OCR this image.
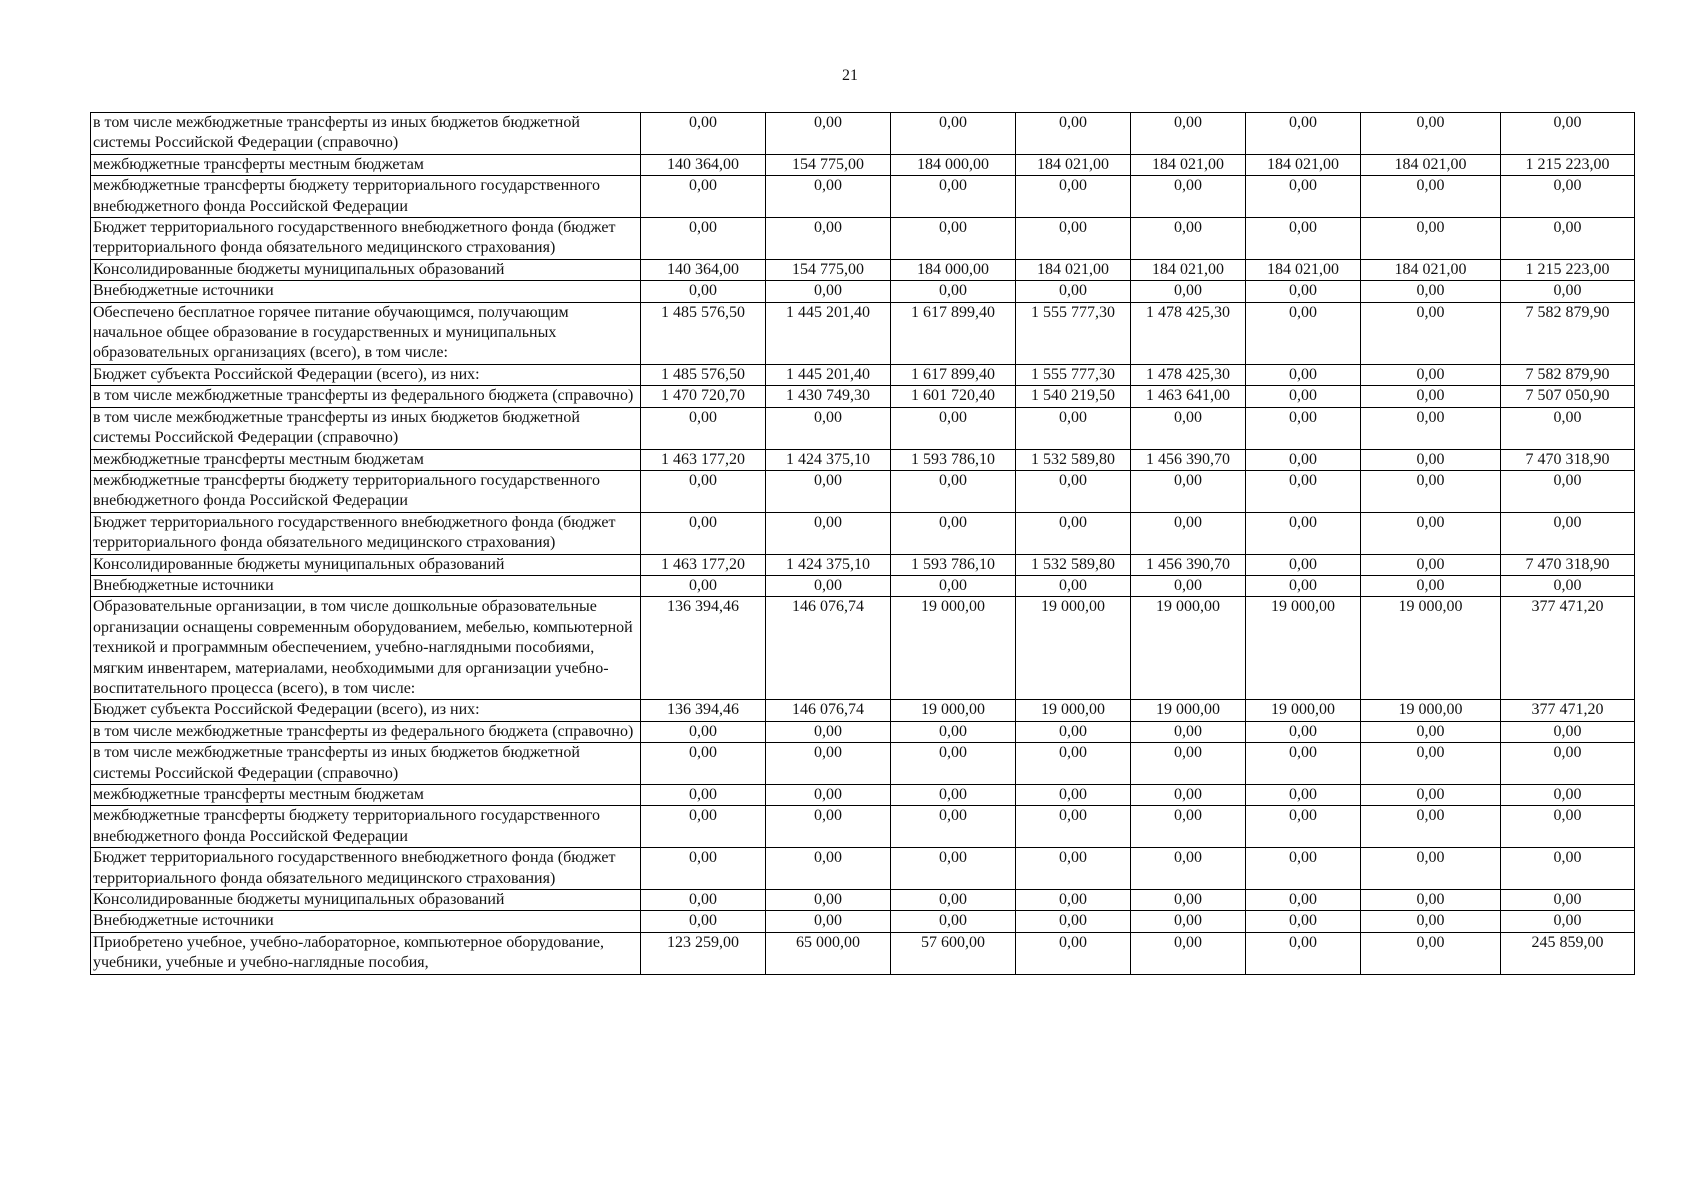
21
в том числе межбюджетные трансферты из иных бюджетов бюджетной системы Российской Федерации (справочно)	0,00	0,00	0,00	0,00	0,00	0,00	0,00	0,00
межбюджетные трансферты местным бюджетам	140 364,00	154 775,00	184 000,00	184 021,00	184 021,00	184 021,00	184 021,00	1 215 223,00
межбюджетные трансферты бюджету территориального государственного внебюджетного фонда Российской Федерации	0,00	0,00	0,00	0,00	0,00	0,00	0,00	0,00
Бюджет территориального государственного внебюджетного фонда (бюджет территориального фонда обязательного медицинского страхования)	0,00	0,00	0,00	0,00	0,00	0,00	0,00	0,00
Консолидированные бюджеты муниципальных образований	140 364,00	154 775,00	184 000,00	184 021,00	184 021,00	184 021,00	184 021,00	1 215 223,00
Внебюджетные источники	0,00	0,00	0,00	0,00	0,00	0,00	0,00	0,00
Обеспечено бесплатное горячее питание обучающимся, получающим начальное общее образование в государственных и муниципальных образовательных организациях (всего), в том числе:	1 485 576,50	1 445 201,40	1 617 899,40	1 555 777,30	1 478 425,30	0,00	0,00	7 582 879,90
Бюджет субъекта Российской Федерации (всего), из них:	1 485 576,50	1 445 201,40	1 617 899,40	1 555 777,30	1 478 425,30	0,00	0,00	7 582 879,90
в том числе межбюджетные трансферты из федерального бюджета (справочно)	1 470 720,70	1 430 749,30	1 601 720,40	1 540 219,50	1 463 641,00	0,00	0,00	7 507 050,90
в том числе межбюджетные трансферты из иных бюджетов бюджетной системы Российской Федерации (справочно)	0,00	0,00	0,00	0,00	0,00	0,00	0,00	0,00
межбюджетные трансферты местным бюджетам	1 463 177,20	1 424 375,10	1 593 786,10	1 532 589,80	1 456 390,70	0,00	0,00	7 470 318,90
межбюджетные трансферты бюджету территориального государственного внебюджетного фонда Российской Федерации	0,00	0,00	0,00	0,00	0,00	0,00	0,00	0,00
Бюджет территориального государственного внебюджетного фонда (бюджет территориального фонда обязательного медицинского страхования)	0,00	0,00	0,00	0,00	0,00	0,00	0,00	0,00
Консолидированные бюджеты муниципальных образований	1 463 177,20	1 424 375,10	1 593 786,10	1 532 589,80	1 456 390,70	0,00	0,00	7 470 318,90
Внебюджетные источники	0,00	0,00	0,00	0,00	0,00	0,00	0,00	0,00
Образовательные организации, в том числе дошкольные образовательные организации оснащены современным оборудованием, мебелью, компьютерной техникой и программным обеспечением, учебно-наглядными пособиями, мягким инвентарем, материалами, необходимыми для организации учебно-воспитательного процесса (всего), в том числе:	136 394,46	146 076,74	19 000,00	19 000,00	19 000,00	19 000,00	19 000,00	377 471,20
Бюджет субъекта Российской Федерации (всего), из них:	136 394,46	146 076,74	19 000,00	19 000,00	19 000,00	19 000,00	19 000,00	377 471,20
в том числе межбюджетные трансферты из федерального бюджета (справочно)	0,00	0,00	0,00	0,00	0,00	0,00	0,00	0,00
в том числе межбюджетные трансферты из иных бюджетов бюджетной системы Российской Федерации (справочно)	0,00	0,00	0,00	0,00	0,00	0,00	0,00	0,00
межбюджетные трансферты местным бюджетам	0,00	0,00	0,00	0,00	0,00	0,00	0,00	0,00
межбюджетные трансферты бюджету территориального государственного внебюджетного фонда Российской Федерации	0,00	0,00	0,00	0,00	0,00	0,00	0,00	0,00
Бюджет территориального государственного внебюджетного фонда (бюджет территориального фонда обязательного медицинского страхования)	0,00	0,00	0,00	0,00	0,00	0,00	0,00	0,00
Консолидированные бюджеты муниципальных образований	0,00	0,00	0,00	0,00	0,00	0,00	0,00	0,00
Внебюджетные источники	0,00	0,00	0,00	0,00	0,00	0,00	0,00	0,00
Приобретено учебное, учебно-лабораторное, компьютерное оборудование, учебники, учебные и учебно-наглядные пособия,	123 259,00	65 000,00	57 600,00	0,00	0,00	0,00	0,00	245 859,00
